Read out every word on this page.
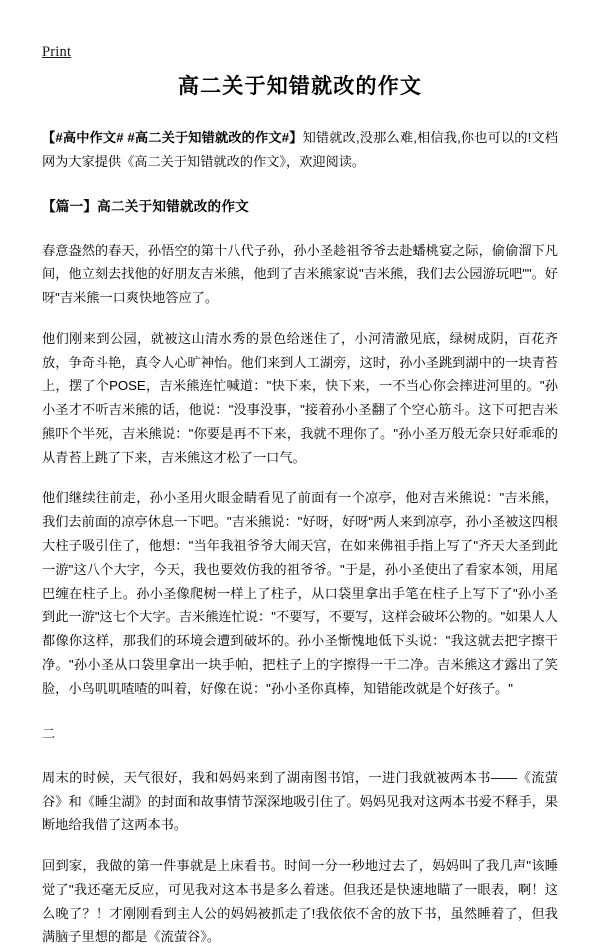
Print
高二关于知错就改的作文

【#高中作文# #高二关于知错就改的作文#】知错就改,没那么难,相信我,你也可以的!文档网为大家提供《高二关于知错就改的作文》，欢迎阅读。

【篇一】高二关于知错就改的作文

春意盎然的春天，孙悟空的第十八代子孙，孙小圣趁祖爷爷去赴蟠桃宴之际，偷偷溜下凡间，他立刻去找他的好朋友吉米熊，他到了吉米熊家说"吉米熊，我们去公园游玩吧""。好呀"吉米熊一口爽快地答应了。

他们刚来到公园，就被这山清水秀的景色给迷住了，小河清澈见底，绿树成阴，百花齐放，争奇斗艳，真令人心旷神怡。他们来到人工湖旁，这时，孙小圣跳到湖中的一块青苔上，摆了个POSE，吉米熊连忙喊道："快下来，快下来，一不当心你会摔进河里的。"孙小圣才不听吉米熊的话，他说："没事没事，"接着孙小圣翻了个空心筋斗。这下可把吉米熊吓个半死，吉米熊说："你要是再不下来，我就不理你了。"孙小圣万般无奈只好乖乖的从青苔上跳了下来，吉米熊这才松了一口气。

他们继续往前走，孙小圣用火眼金睛看见了前面有一个凉亭，他对吉米熊说："吉米熊，我们去前面的凉亭休息一下吧。"吉米熊说："好呀，好呀"两人来到凉亭，孙小圣被这四根大柱子吸引住了，他想："当年我祖爷爷大闹天宫，在如来佛祖手指上写了"齐天大圣到此一游"这八个大字，今天，我也要效仿我的祖爷爷。"于是，孙小圣使出了看家本领，用尾巴缠在柱子上。孙小圣像爬树一样上了柱子，从口袋里拿出手笔在柱子上写下了"孙小圣到此一游"这七个大字。吉米熊连忙说："不要写，不要写，这样会破坏公物的。"如果人人都像你这样，那我们的环境会遭到破坏的。孙小圣惭愧地低下头说："我这就去把字擦干净。"孙小圣从口袋里拿出一块手帕，把柱子上的字擦得一干二净。吉米熊这才露出了笑脸，小鸟叽叽喳喳的叫着，好像在说："孙小圣你真棒，知错能改就是个好孩子。"

二

周末的时候，天气很好，我和妈妈来到了湖南图书馆，一进门我就被两本书——《流萤谷》和《睡尘湖》的封面和故事情节深深地吸引住了。妈妈见我对这两本书爱不释手，果断地给我借了这两本书。

回到家，我做的第一件事就是上床看书。时间一分一秒地过去了，妈妈叫了我几声"该睡觉了"我还毫无反应，可见我对这本书是多么着迷。但我还是快速地瞄了一眼表，啊！这么晚了？！才刚刚看到主人公的妈妈被抓走了!我依依不舍的放下书，虽然睡着了，但我满脑子里想的都是《流萤谷》。
